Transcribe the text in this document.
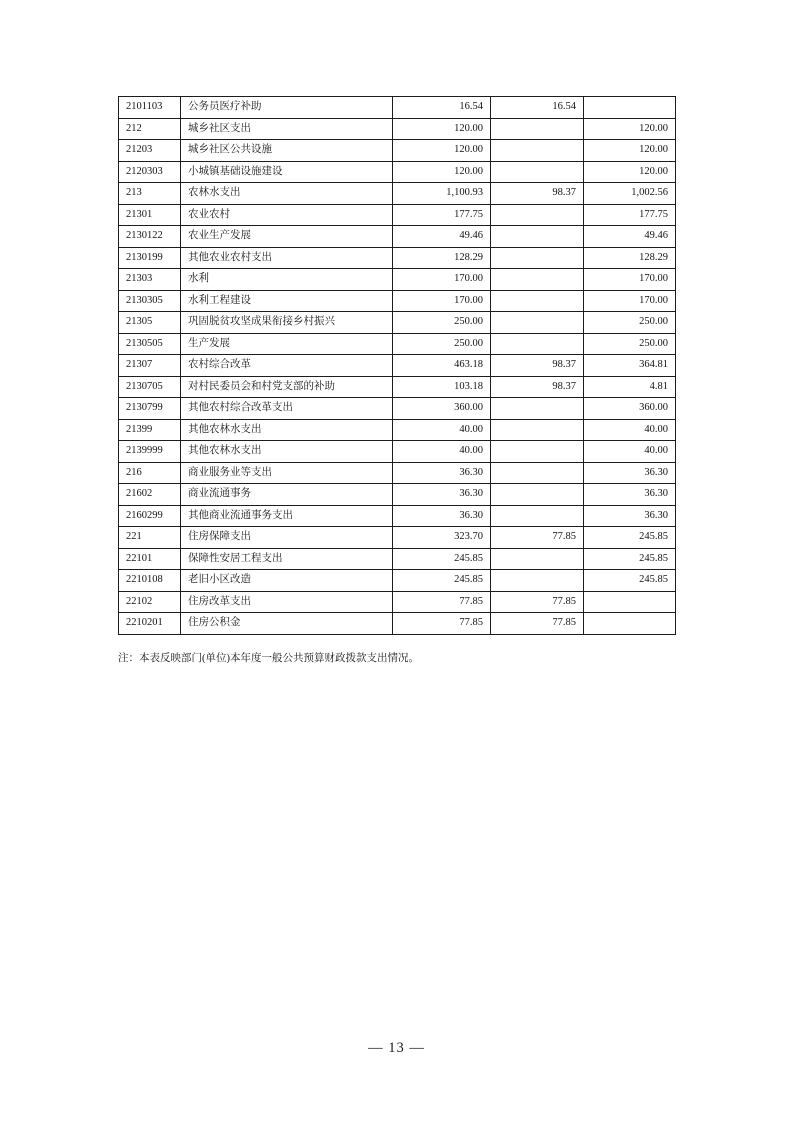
2101103	公务员医疗补助	16.54	16.54	
212	城乡社区支出	120.00		120.00
21203	城乡社区公共设施	120.00		120.00
2120303	小城镇基础设施建设	120.00		120.00
213	农林水支出	1,100.93	98.37	1,002.56
21301	农业农村	177.75		177.75
2130122	农业生产发展	49.46		49.46
2130199	其他农业农村支出	128.29		128.29
21303	水利	170.00		170.00
2130305	水利工程建设	170.00		170.00
21305	巩固脱贫攻坚成果衔接乡村振兴	250.00		250.00
2130505	生产发展	250.00		250.00
21307	农村综合改革	463.18	98.37	364.81
2130705	对村民委员会和村党支部的补助	103.18	98.37	4.81
2130799	其他农村综合改革支出	360.00		360.00
21399	其他农林水支出	40.00		40.00
2139999	其他农林水支出	40.00		40.00
216	商业服务业等支出	36.30		36.30
21602	商业流通事务	36.30		36.30
2160299	其他商业流通事务支出	36.30		36.30
221	住房保障支出	323.70	77.85	245.85
22101	保障性安居工程支出	245.85		245.85
2210108	老旧小区改造	245.85		245.85
22102	住房改革支出	77.85	77.85	
2210201	住房公积金	77.85	77.85	
注：本表反映部门(单位)本年度一般公共预算财政拨款支出情况。
— 13 —
